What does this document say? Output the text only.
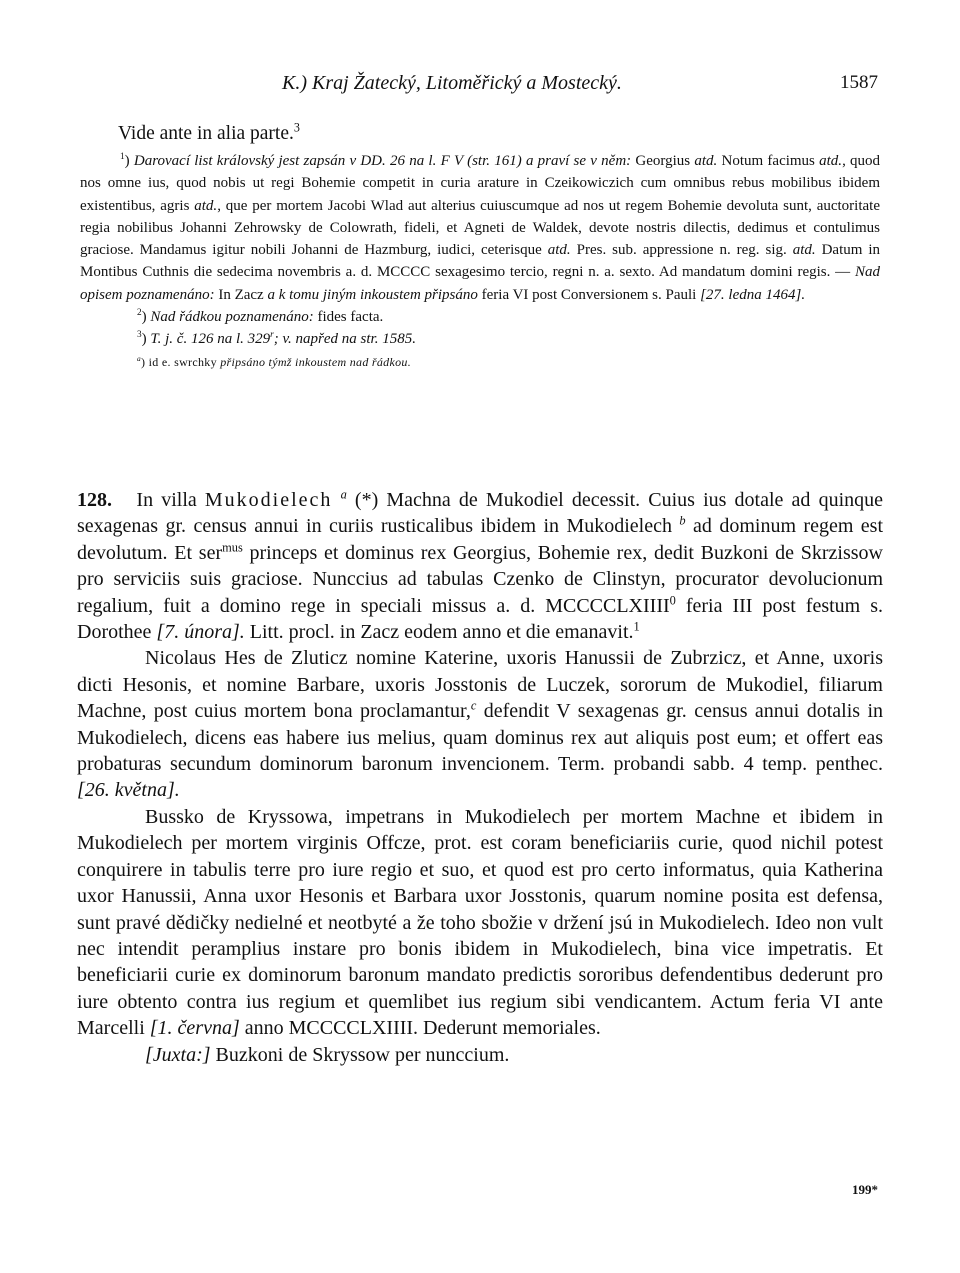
K.) Kraj Žatecký, Litoměřický a Mostecký.	1587

Vide ante in alia parte.$^3$

$^1$) Darovací list královský jest zapsán v DD. 26 na l. F V (str. 161) a praví se v něm: Georgius atd. Notum facimus atd., quod nos omne ius, quod nobis ut regi Bohemie competit in curia arature in Czeikowiczich cum omnibus rebus mobilibus ibidem existentibus, agris atd., que per mortem Jacobi Wlad aut alterius cuiuscumque ad nos ut regem Bohemie devoluta sunt, auctoritate regia nobilibus Johanni Zehrowsky de Colowrath, fideli, et Agneti de Waldek, devote nostris dilectis, dedimus et contulimus graciose. Mandamus igitur nobili Johanni de Hazmburg, iudici, ceterisque atd. Pres. sub. appressione n. reg. sig. atd. Datum in Montibus Cuthnis die sedecima novembris a. d. MCCCC sexagesimo tercio, regni n. a. sexto. Ad mandatum domini regis. — Nad opisem poznamenáno: In Zacz a k tomu jiným inkoustem připsáno feria VI post Conversionem s. Pauli [27. ledna 1464].

$^2$) Nad řádkou poznamenáno: fides facta.

$^3$) T. j. č. 126 na l. 329$^r$; v. napřed na str. 1585.

$^a$) id e. swrchky připsáno týmž inkoustem nad řádkou.

128. In villa Mukodielech $^a$ (*) Machna de Mukodiel decessit. Cuius ius dotale ad quinque sexagenas gr. census annui in curiis rusticalibus ibidem in Mukodielech $^b$ ad dominum regem est devolutum. Et ser$^{mus}$ princeps et dominus rex Georgius, Bohemie rex, dedit Buzkoni de Skrzissow pro serviciis suis graciose. Nunccius ad tabulas Czenko de Clinstyn, procurator devolucionum regalium, fuit a domino rege in speciali missus a. d. MCCCCLXIIII$^0$ feria III post festum s. Dorothee [7. února]. Litt. procl. in Zacz eodem anno et die emanavit.$^1$

Nicolaus Hes de Zluticz nomine Katerine, uxoris Hanussii de Zubrzicz, et Anne, uxoris dicti Hesonis, et nomine Barbare, uxoris Josstonis de Luczek, sororum de Mukodiel, filiarum Machne, post cuius mortem bona proclamantur,$^c$ defendit V sexagenas gr. census annui dotalis in Mukodielech, dicens eas habere ius melius, quam dominus rex aut aliquis post eum; et offert eas probaturas secundum dominorum baronum invencionem. Term. probandi sabb. 4 temp. penthec. [26. května].

Bussko de Kryssowa, impetrans in Mukodielech per mortem Machne et ibidem in Mukodielech per mortem virginis Offcze, prot. est coram beneficiariis curie, quod nichil potest conquirere in tabulis terre pro iure regio et suo, et quod est pro certo informatus, quia Katherina uxor Hanussii, Anna uxor Hesonis et Barbara uxor Josstonis, quarum nomine posita est defensa, sunt pravé dědičky nedielné et neotbyté a že toho sbožie v držení jsú in Mukodielech. Ideo non vult nec intendit peramplius instare pro bonis ibidem in Mukodielech, bina vice impetratis. Et beneficiarii curie ex dominorum baronum mandato predictis sororibus defendentibus dederunt pro iure obtento contra ius regium et quemlibet ius regium sibi vendicantem. Actum feria VI ante Marcelli [1. června] anno MCCCCLXIIII. Dederunt memoriales.

[Juxta:] Buzkoni de Skryssow per nunccium.

199*
